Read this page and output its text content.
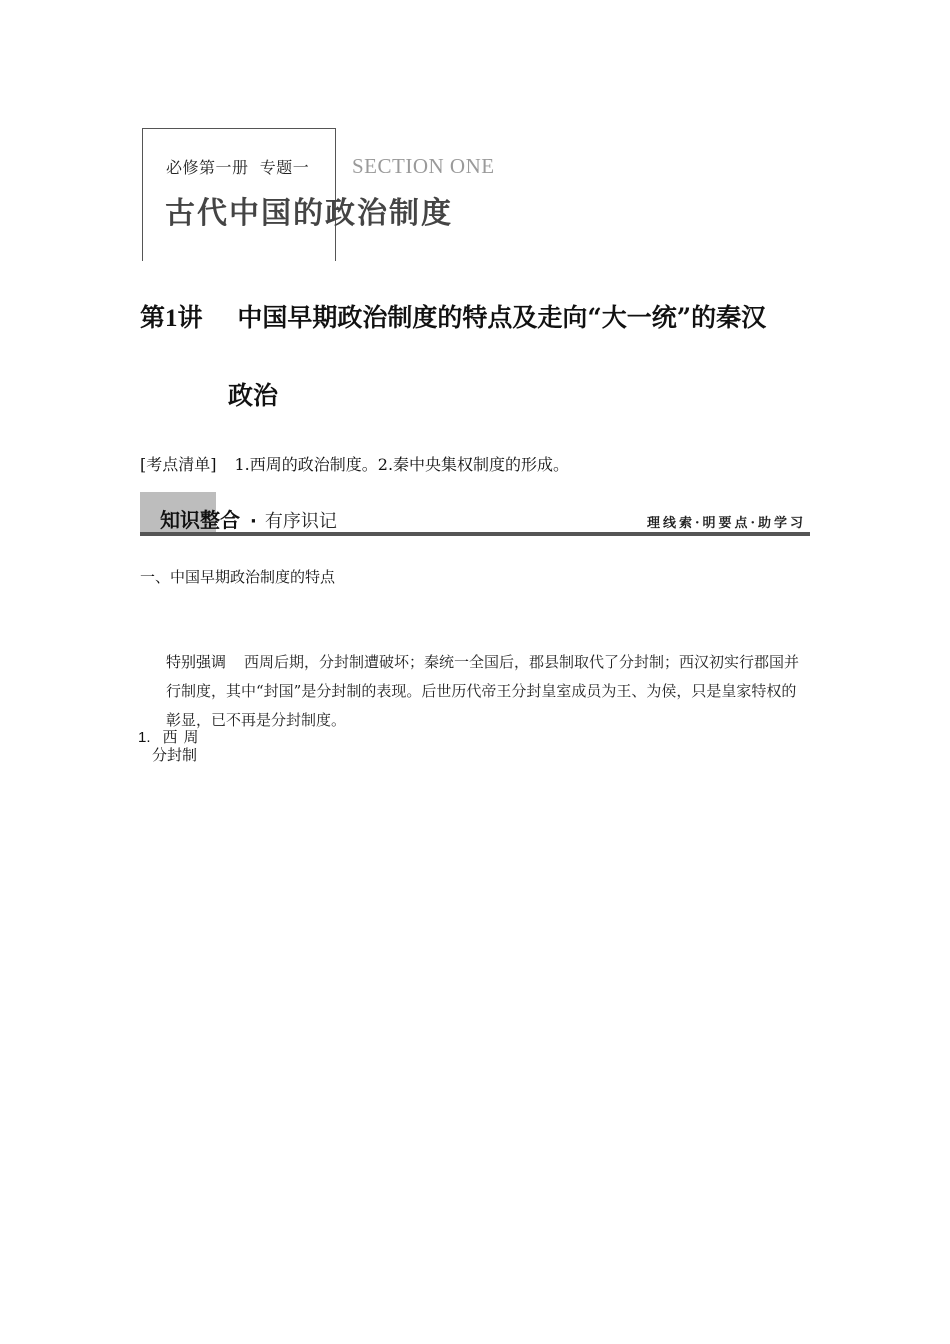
必修第一册 专题一 SECTION ONE
古代中国的政治制度
第1讲 中国早期政治制度的特点及走向“大一统”的秦汉
政治
[考点清单] 1.西周的政治制度。2.秦中央集权制度的形成。
知识整合 · 有序识记	理线索·明要点·助学习
一、中国早期政治制度的特点
特别强调 西周后期，分封制遭破坏；秦统一全国后，郡县制取代了分封制；西汉初实行郡国并行制度，其中“封国”是分封制的表现。后世历代帝王分封皇室成员为王、为侯，只是皇家特权的彰显，已不再是分封制度。
1. 西周
分封制
